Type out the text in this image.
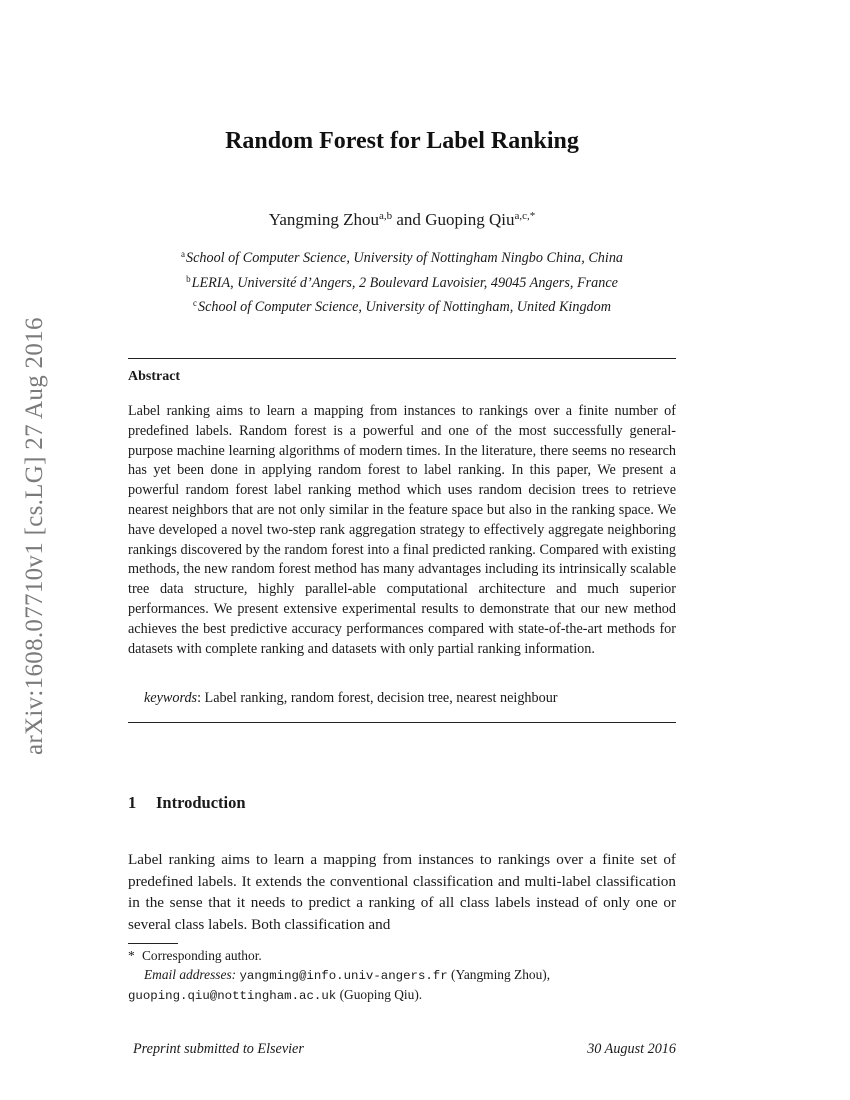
arXiv:1608.07710v1 [cs.LG] 27 Aug 2016
Random Forest for Label Ranking
Yangming Zhou$^{a,b}$ and Guoping Qiu$^{a,c,*}$
$^a$School of Computer Science, University of Nottingham Ningbo China, China
$^b$LERIA, Université d’Angers, 2 Boulevard Lavoisier, 49045 Angers, France
$^c$School of Computer Science, University of Nottingham, United Kingdom
Abstract
Label ranking aims to learn a mapping from instances to rankings over a finite number of predefined labels. Random forest is a powerful and one of the most successfully general-purpose machine learning algorithms of modern times. In the literature, there seems no research has yet been done in applying random forest to label ranking. In this paper, We present a powerful random forest label ranking method which uses random decision trees to retrieve nearest neighbors that are not only similar in the feature space but also in the ranking space. We have developed a novel two-step rank aggregation strategy to effectively aggregate neighboring rankings discovered by the random forest into a final predicted ranking. Compared with existing methods, the new random forest method has many advantages including its intrinsically scalable tree data structure, highly parallel-able computational architecture and much superior performances. We present extensive experimental results to demonstrate that our new method achieves the best predictive accuracy performances compared with state-of-the-art methods for datasets with complete ranking and datasets with only partial ranking information.
keywords: Label ranking, random forest, decision tree, nearest neighbour
1 Introduction
Label ranking aims to learn a mapping from instances to rankings over a finite set of predefined labels. It extends the conventional classification and multi-label classification in the sense that it needs to predict a ranking of all class labels instead of only one or several class labels. Both classification and
* Corresponding author.
Email addresses: yangming@info.univ-angers.fr (Yangming Zhou),
guoping.qiu@nottingham.ac.uk (Guoping Qiu).
Preprint submitted to Elsevier	30 August 2016
